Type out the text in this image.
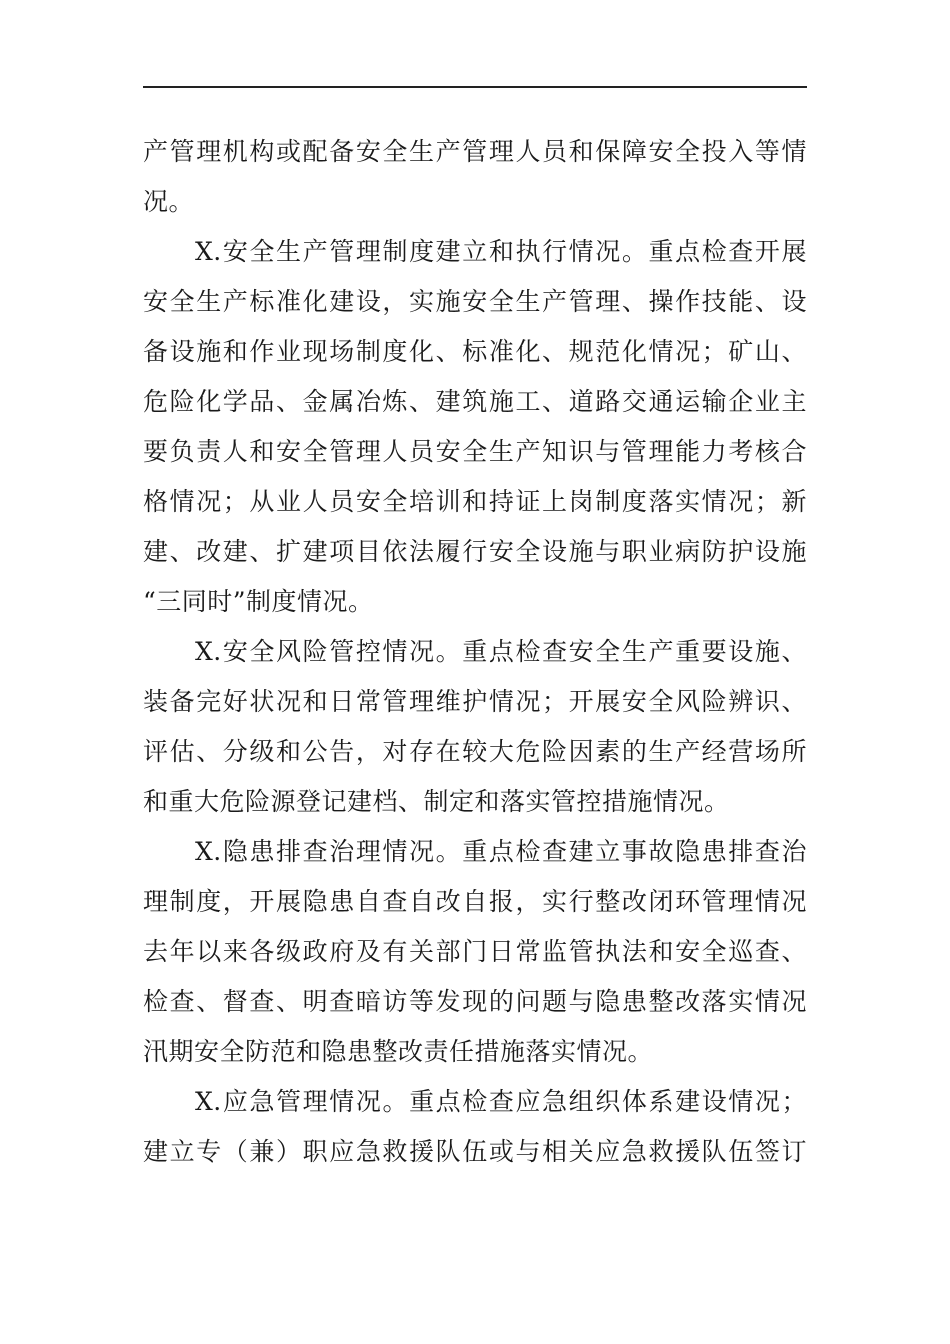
产管理机构或配备安全生产管理人员和保障安全投入等情
况。
X.安全生产管理制度建立和执行情况。重点检查开展
安全生产标准化建设，实施安全生产管理、操作技能、设
备设施和作业现场制度化、标准化、规范化情况；矿山、
危险化学品、金属冶炼、建筑施工、道路交通运输企业主
要负责人和安全管理人员安全生产知识与管理能力考核合
格情况；从业人员安全培训和持证上岗制度落实情况；新
建、改建、扩建项目依法履行安全设施与职业病防护设施
“三同时”制度情况。
X.安全风险管控情况。重点检查安全生产重要设施、
装备完好状况和日常管理维护情况；开展安全风险辨识、
评估、分级和公告，对存在较大危险因素的生产经营场所
和重大危险源登记建档、制定和落实管控措施情况。
X.隐患排查治理情况。重点检查建立事故隐患排查治
理制度，开展隐患自查自改自报，实行整改闭环管理情况
去年以来各级政府及有关部门日常监管执法和安全巡查、
检查、督查、明查暗访等发现的问题与隐患整改落实情况
汛期安全防范和隐患整改责任措施落实情况。
X.应急管理情况。重点检查应急组织体系建设情况；
建立专（兼）职应急救援队伍或与相关应急救援队伍签订
